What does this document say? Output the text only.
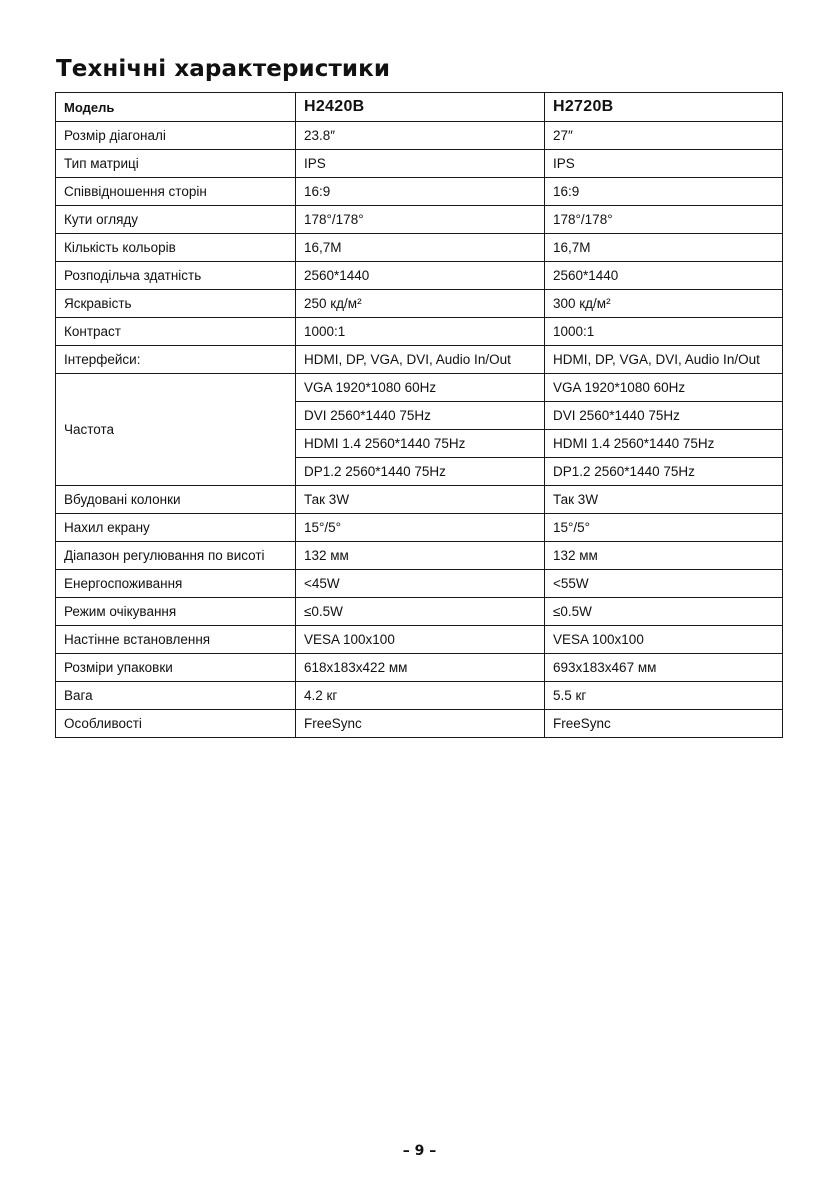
Технічні характеристики
Модель	H2420B	H2720B
Розмір діагоналі	23.8″	27″
Тип матриці	IPS	IPS
Співвідношення сторін	16:9	16:9
Кути огляду	178°/178°	178°/178°
Кількість кольорів	16,7M	16,7M
Розподільча здатність	2560*1440	2560*1440
Яскравість	250 кд/м²	300 кд/м²
Контраст	1000:1	1000:1
Інтерфейси:	HDMI, DP, VGA, DVI, Audio In/Out	HDMI, DP, VGA, DVI, Audio In/Out
Частота	VGA 1920*1080 60Hz	VGA 1920*1080 60Hz
	DVI 2560*1440 75Hz	DVI 2560*1440 75Hz
	HDMI 1.4 2560*1440 75Hz	HDMI 1.4 2560*1440 75Hz
	DP1.2 2560*1440 75Hz	DP1.2 2560*1440 75Hz
Вбудовані колонки	Так 3W	Так 3W
Нахил екрану	15°/5°	15°/5°
Діапазон регулювання по висоті	132 мм	132 мм
Енергоспоживання	<45W	<55W
Режим очікування	≤0.5W	≤0.5W
Настінне встановлення	VESA 100x100	VESA 100x100
Розміри упаковки	618x183x422 мм	693x183x467 мм
Вага	4.2 кг	5.5 кг
Особливості	FreeSync	FreeSync
– 9 –
